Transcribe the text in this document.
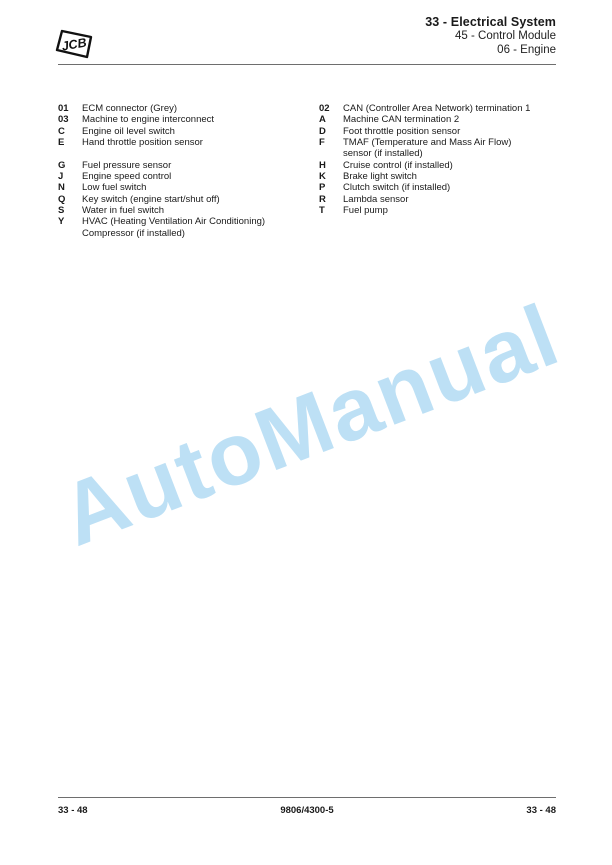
JCB
33 - Electrical System
45 - Control Module
06 - Engine
01	ECM connector (Grey)
03	Machine to engine interconnect
C	Engine oil level switch
E	Hand throttle position sensor
G	Fuel pressure sensor
J	Engine speed control
N	Low fuel switch
Q	Key switch (engine start/shut off)
S	Water in fuel switch
Y	HVAC (Heating Ventilation Air Conditioning)
Compressor (if installed)
02	CAN (Controller Area Network) termination 1
A	Machine CAN termination 2
D	Foot throttle position sensor
F	TMAF (Temperature and Mass Air Flow)
sensor (if installed)
H	Cruise control (if installed)
K	Brake light switch
P	Clutch switch (if installed)
R	Lambda sensor
T	Fuel pump
AutoManual
33 - 48	9806/4300-5	33 - 48
